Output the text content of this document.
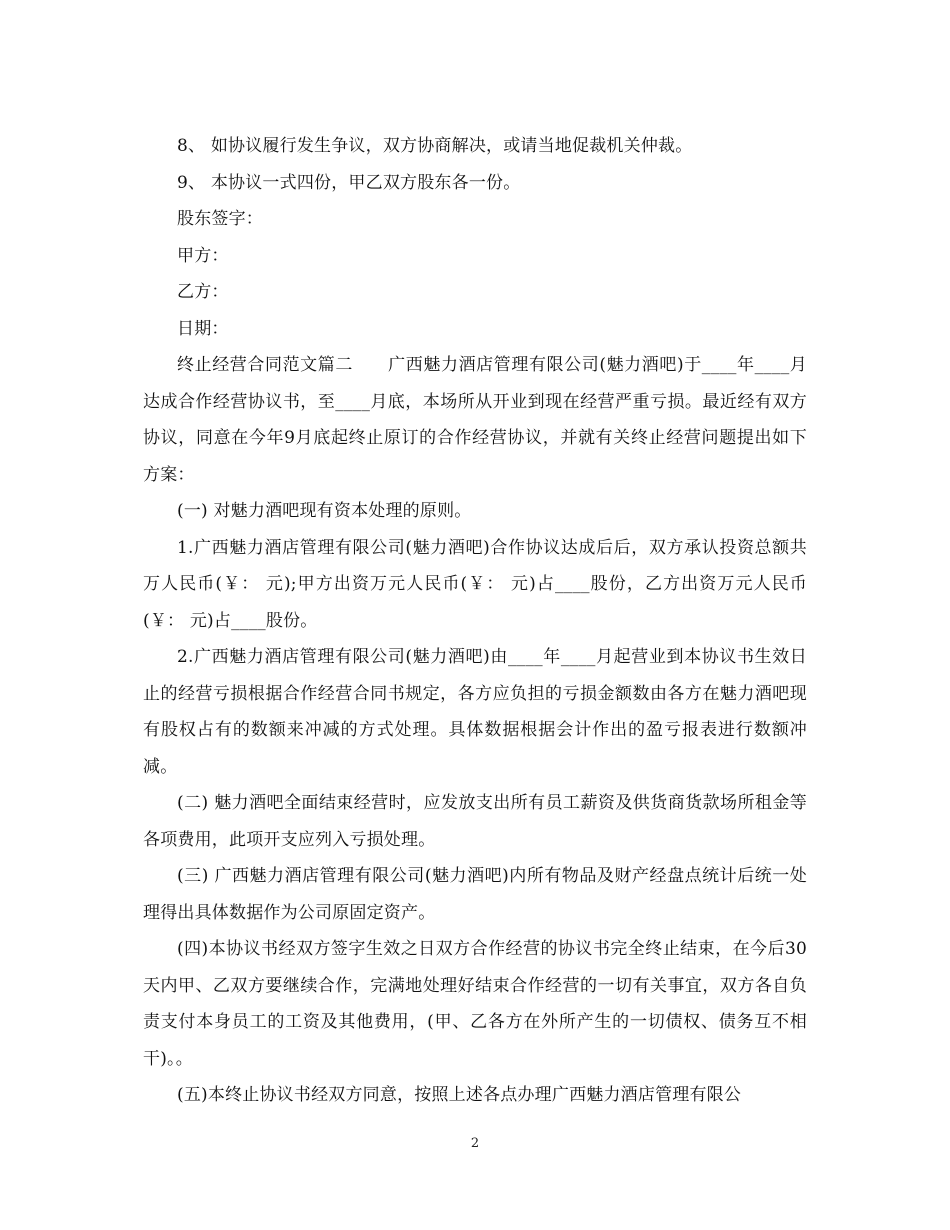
8、 如协议履行发生争议，双方协商解决，或请当地促裁机关仲裁。

9、 本协议一式四份，甲乙双方股东各一份。

股东签字：

甲方：

乙方：

日期：

终止经营合同范文篇二　　广西魅力酒店管理有限公司(魅力酒吧)于____年____月达成合作经营协议书，至____月底，本场所从开业到现在经营严重亏损。最近经有双方协议，同意在今年9月底起终止原订的合作经营协议，并就有关终止经营问题提出如下方案：

(一) 对魅力酒吧现有资本处理的原则。

1.广西魅力酒店管理有限公司(魅力酒吧)合作协议达成后后，双方承认投资总额共 万人民币(￥： 元);甲方出资万元人民币(￥： 元)占____股份，乙方出资万元人民币(￥： 元)占____股份。

2.广西魅力酒店管理有限公司(魅力酒吧)由____年____月起营业到本协议书生效日止的经营亏损根据合作经营合同书规定，各方应负担的亏损金额数由各方在魅力酒吧现有股权占有的数额来冲减的方式处理。具体数据根据会计作出的盈亏报表进行数额冲减。

(二) 魅力酒吧全面结束经营时，应发放支出所有员工薪资及供货商货款场所租金等各项费用，此项开支应列入亏损处理。

(三) 广西魅力酒店管理有限公司(魅力酒吧)内所有物品及财产经盘点统计后统一处理得出具体数据作为公司原固定资产。

(四)本协议书经双方签字生效之日双方合作经营的协议书完全终止结束，在今后30天内甲、乙双方要继续合作，完满地处理好结束合作经营的一切有关事宜，双方各自负责支付本身员工的工资及其他费用，(甲、乙各方在外所产生的一切债权、债务互不相干)。。

(五)本终止协议书经双方同意，按照上述各点办理广西魅力酒店管理有限公

2
